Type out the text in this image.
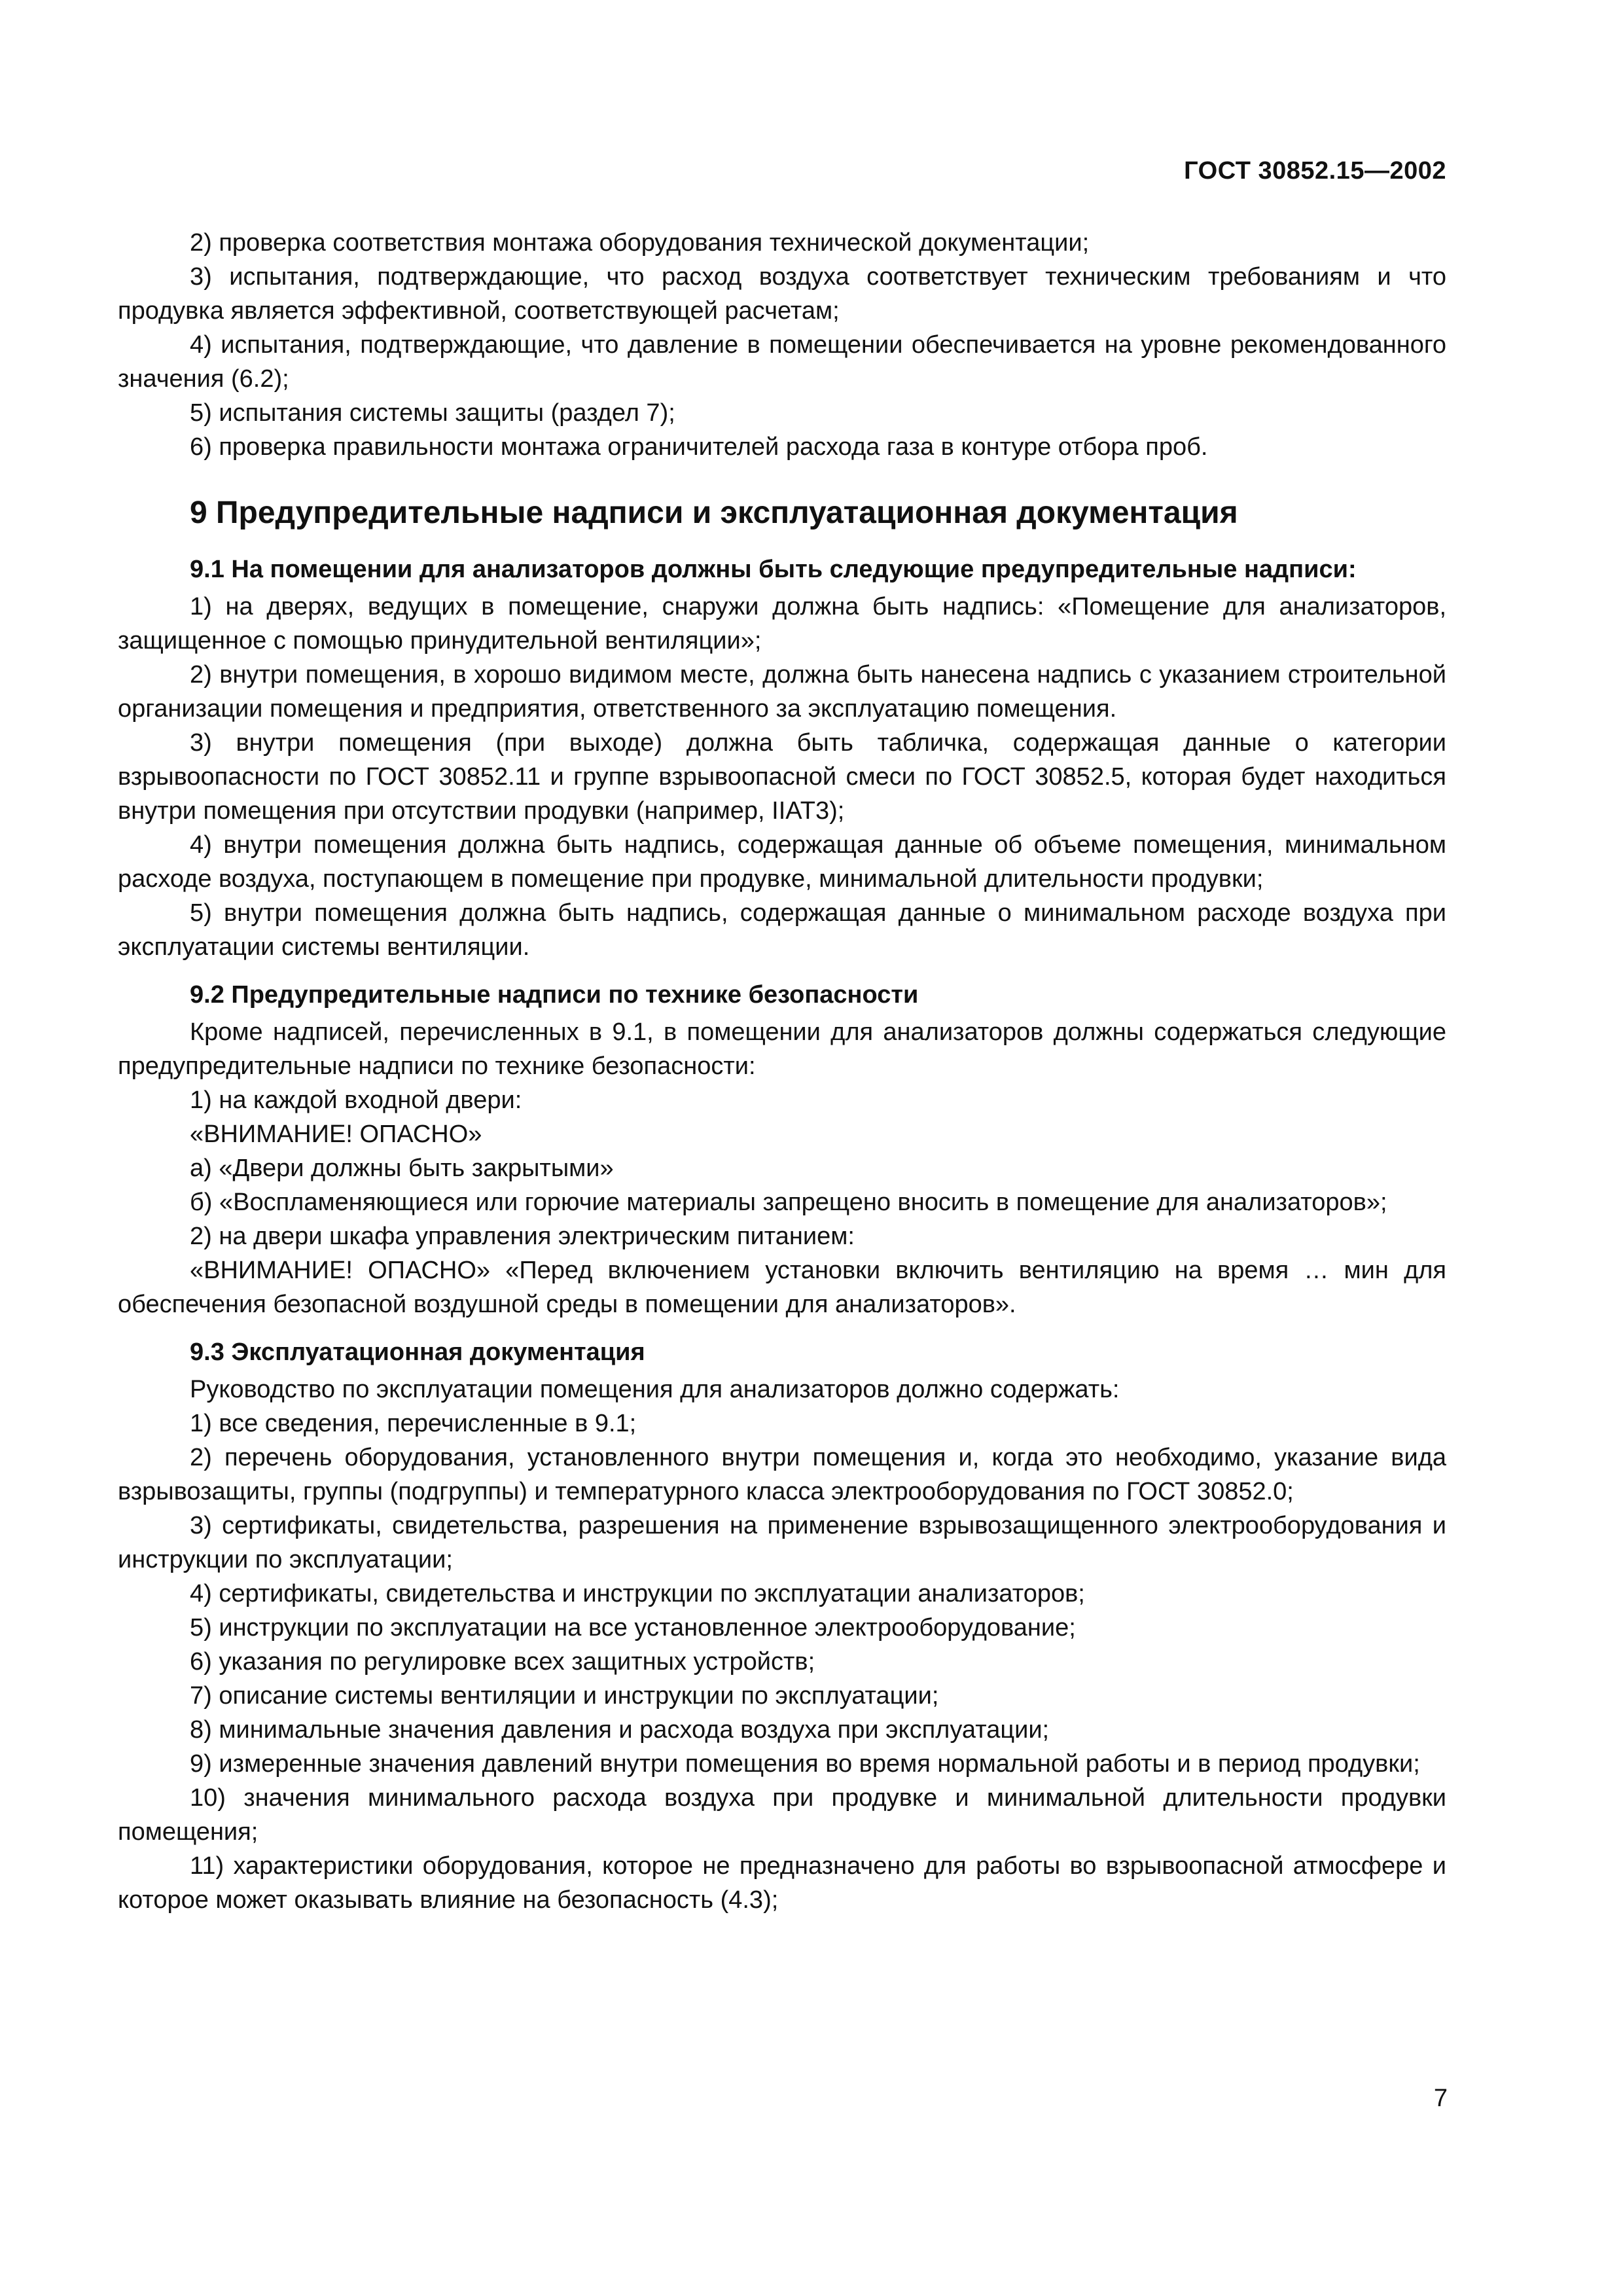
ГОСТ 30852.15—2002

2) проверка соответствия монтажа оборудования технической документации;

3) испытания, подтверждающие, что расход воздуха соответствует техническим требованиям и что продувка является эффективной, соответствующей расчетам;

4) испытания, подтверждающие, что давление в помещении обеспечивается на уровне рекомендованного значения (6.2);

5) испытания системы защиты (раздел 7);

6) проверка правильности монтажа ограничителей расхода газа в контуре отбора проб.

9 Предупредительные надписи и эксплуатационная документация
9.1 На помещении для анализаторов должны быть следующие предупредительные надписи:

1) на дверях, ведущих в помещение, снаружи должна быть надпись: «Помещение для анализаторов, защищенное с помощью принудительной вентиляции»;

2) внутри помещения, в хорошо видимом месте, должна быть нанесена надпись с указанием строительной организации помещения и предприятия, ответственного за эксплуатацию помещения.

3) внутри помещения (при выходе) должна быть табличка, содержащая данные о категории взрывоопасности по ГОСТ 30852.11 и группе взрывоопасной смеси по ГОСТ 30852.5, которая будет находиться внутри помещения при отсутствии продувки (например, IIAT3);

4) внутри помещения должна быть надпись, содержащая данные об объеме помещения, минимальном расходе воздуха, поступающем в помещение при продувке, минимальной длительности продувки;

5) внутри помещения должна быть надпись, содержащая данные о минимальном расходе воздуха при эксплуатации системы вентиляции.

9.2 Предупредительные надписи по технике безопасности

Кроме надписей, перечисленных в 9.1, в помещении для анализаторов должны содержаться следующие предупредительные надписи по технике безопасности:

1) на каждой входной двери:

«ВНИМАНИЕ! ОПАСНО»

а) «Двери должны быть закрытыми»

б) «Воспламеняющиеся или горючие материалы запрещено вносить в помещение для анализаторов»;

2) на двери шкафа управления электрическим питанием:

«ВНИМАНИЕ! ОПАСНО» «Перед включением установки включить вентиляцию на время … мин для обеспечения безопасной воздушной среды в помещении для анализаторов».

9.3 Эксплуатационная документация

Руководство по эксплуатации помещения для анализаторов должно содержать:

1) все сведения, перечисленные в 9.1;

2) перечень оборудования, установленного внутри помещения и, когда это необходимо, указание вида взрывозащиты, группы (подгруппы) и температурного класса электрооборудования по ГОСТ 30852.0;

3) сертификаты, свидетельства, разрешения на применение взрывозащищенного электрооборудования и инструкции по эксплуатации;

4) сертификаты, свидетельства и инструкции по эксплуатации анализаторов;

5) инструкции по эксплуатации на все установленное электрооборудование;

6) указания по регулировке всех защитных устройств;

7) описание системы вентиляции и инструкции по эксплуатации;

8) минимальные значения давления и расхода воздуха при эксплуатации;

9) измеренные значения давлений внутри помещения во время нормальной работы и в период продувки;

10) значения минимального расхода воздуха при продувке и минимальной длительности продувки помещения;

11) характеристики оборудования, которое не предназначено для работы во взрывоопасной атмосфере и которое может оказывать влияние на безопасность (4.3);

7
